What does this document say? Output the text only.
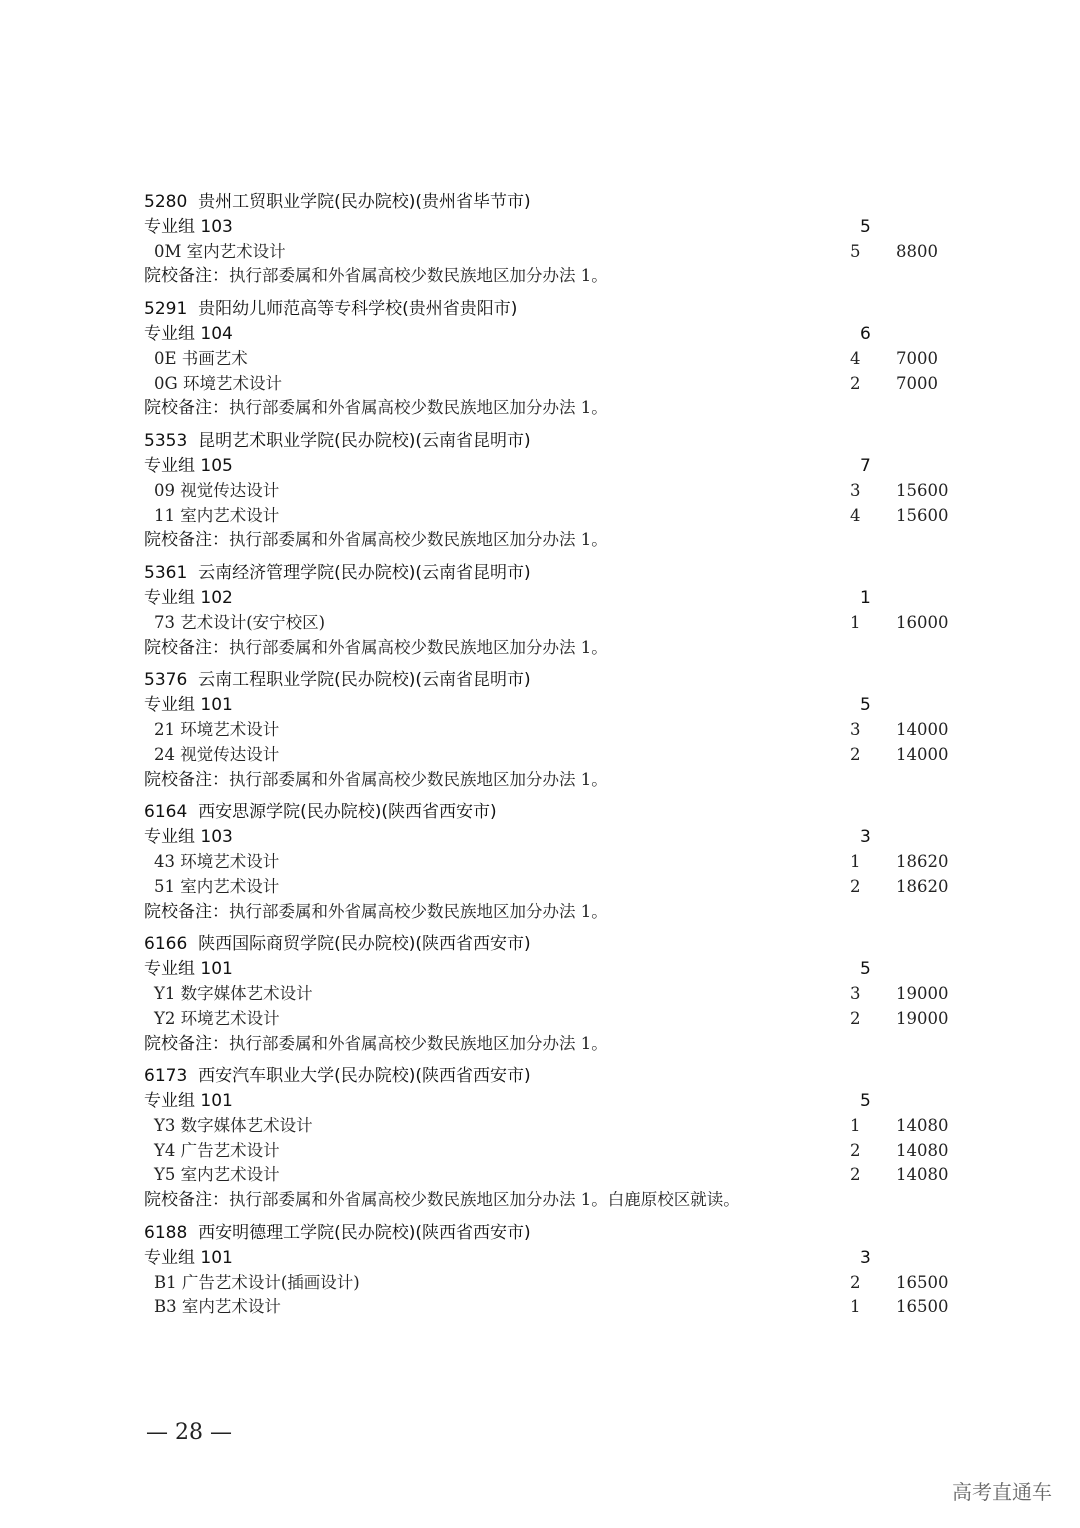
5280 贵州工贸职业学院(民办院校)(贵州省毕节市)
专业组 103	5
0M 室内艺术设计	5 8800
院校备注：执行部委属和外省属高校少数民族地区加分办法 1。
5291 贵阳幼儿师范高等专科学校(贵州省贵阳市)
专业组 104	6
0E 书画艺术	4 7000
0G 环境艺术设计	2 7000
院校备注：执行部委属和外省属高校少数民族地区加分办法 1。
5353 昆明艺术职业学院(民办院校)(云南省昆明市)
专业组 105	7
09 视觉传达设计	3 15600
11 室内艺术设计	4 15600
院校备注：执行部委属和外省属高校少数民族地区加分办法 1。
5361 云南经济管理学院(民办院校)(云南省昆明市)
专业组 102	1
73 艺术设计(安宁校区)	1 16000
院校备注：执行部委属和外省属高校少数民族地区加分办法 1。
5376 云南工程职业学院(民办院校)(云南省昆明市)
专业组 101	5
21 环境艺术设计	3 14000
24 视觉传达设计	2 14000
院校备注：执行部委属和外省属高校少数民族地区加分办法 1。
6164 西安思源学院(民办院校)(陕西省西安市)
专业组 103	3
43 环境艺术设计	1 18620
51 室内艺术设计	2 18620
院校备注：执行部委属和外省属高校少数民族地区加分办法 1。
6166 陕西国际商贸学院(民办院校)(陕西省西安市)
专业组 101	5
Y1 数字媒体艺术设计	3 19000
Y2 环境艺术设计	2 19000
院校备注：执行部委属和外省属高校少数民族地区加分办法 1。
6173 西安汽车职业大学(民办院校)(陕西省西安市)
专业组 101	5
Y3 数字媒体艺术设计	1 14080
Y4 广告艺术设计	2 14080
Y5 室内艺术设计	2 14080
院校备注：执行部委属和外省属高校少数民族地区加分办法 1。白鹿原校区就读。
6188 西安明德理工学院(民办院校)(陕西省西安市)
专业组 101	3
B1 广告艺术设计(插画设计)	2 16500
B3 室内艺术设计	1 16500
— 28 —
高考直通车
